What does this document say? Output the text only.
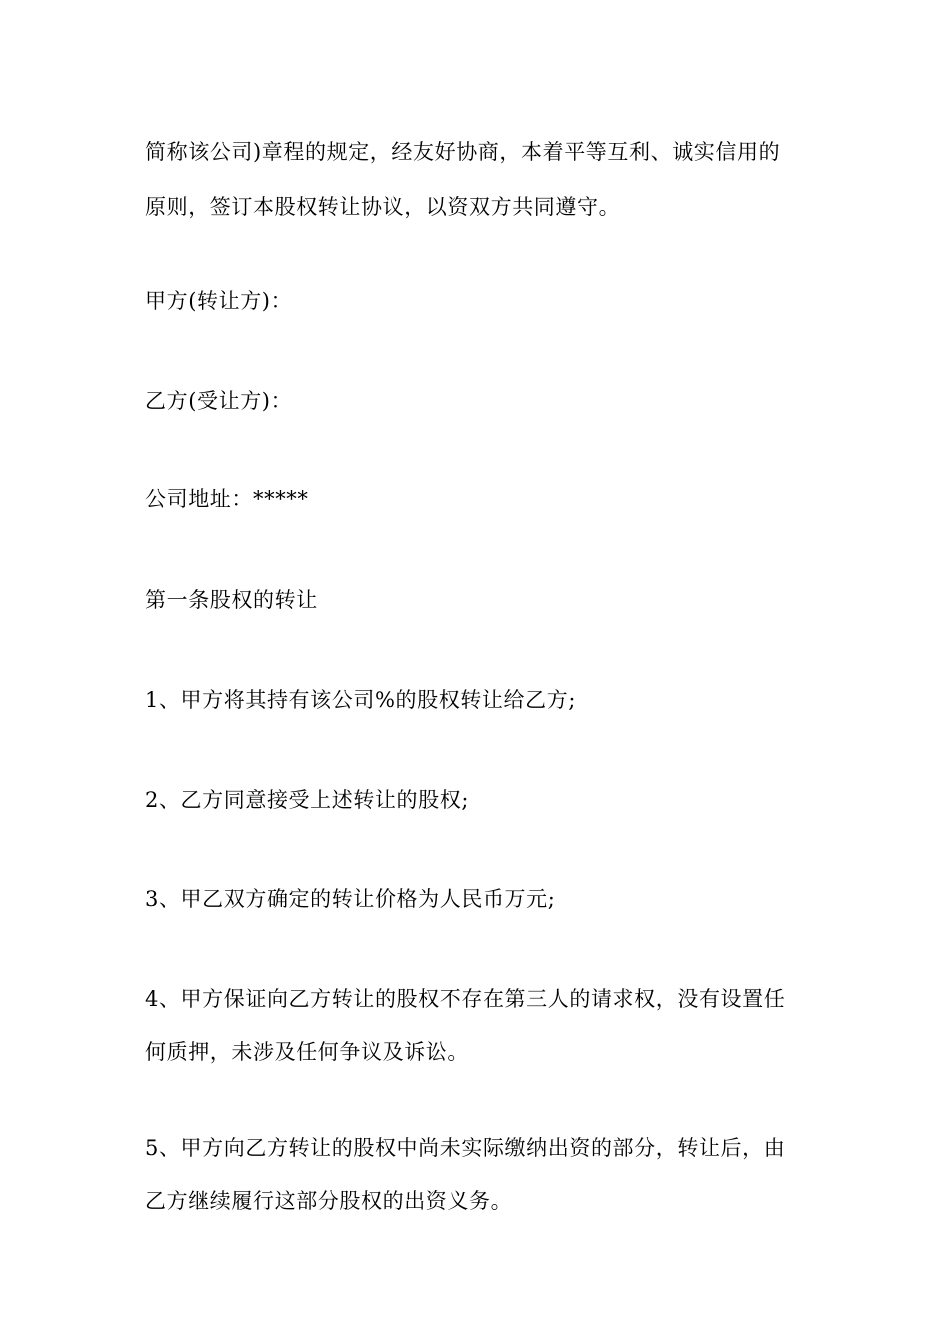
简称该公司)章程的规定，经友好协商，本着平等互利、诚实信用的
原则，签订本股权转让协议，以资双方共同遵守。
甲方(转让方)：
乙方(受让方)：
公司地址：*****
第一条股权的转让
1、甲方将其持有该公司%的股权转让给乙方;
2、乙方同意接受上述转让的股权;
3、甲乙双方确定的转让价格为人民币万元;
4、甲方保证向乙方转让的股权不存在第三人的请求权，没有设置任
何质押，未涉及任何争议及诉讼。
5、甲方向乙方转让的股权中尚未实际缴纳出资的部分，转让后，由
乙方继续履行这部分股权的出资义务。
